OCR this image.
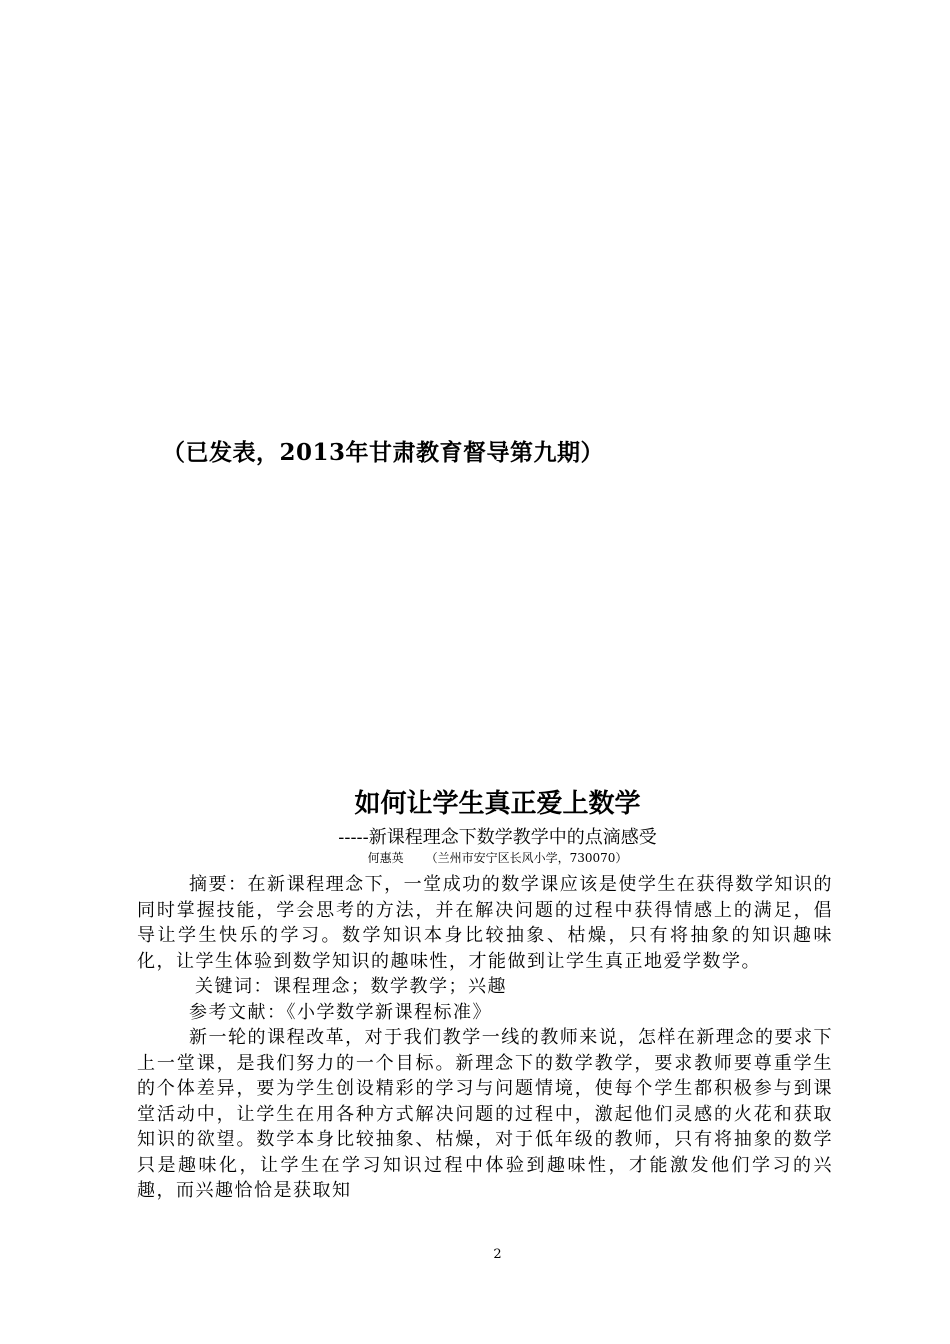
（已发表，2013年甘肃教育督导第九期）
如何让学生真正爱上数学
-----新课程理念下数学教学中的点滴感受
何惠英 （兰州市安宁区长风小学，730070）

摘要：在新课程理念下，一堂成功的数学课应该是使学生在获得数学知识的同时掌握技能，学会思考的方法，并在解决问题的过程中获得情感上的满足，倡导让学生快乐的学习。数学知识本身比较抽象、枯燥，只有将抽象的知识趣味化，让学生体验到数学知识的趣味性，才能做到让学生真正地爱学数学。

关键词：课程理念；数学教学；兴趣

参考文献：《小学数学新课程标准》

新一轮的课程改革，对于我们教学一线的教师来说，怎样在新理念的要求下上一堂课，是我们努力的一个目标。新理念下的数学教学，要求教师要尊重学生的个体差异，要为学生创设精彩的学习与问题情境，使每个学生都积极参与到课堂活动中，让学生在用各种方式解决问题的过程中，激起他们灵感的火花和获取知识的欲望。数学本身比较抽象、枯燥，对于低年级的教师，只有将抽象的数学只是趣味化，让学生在学习知识过程中体验到趣味性，才能激发他们学习的兴趣，而兴趣恰恰是获取知

2
